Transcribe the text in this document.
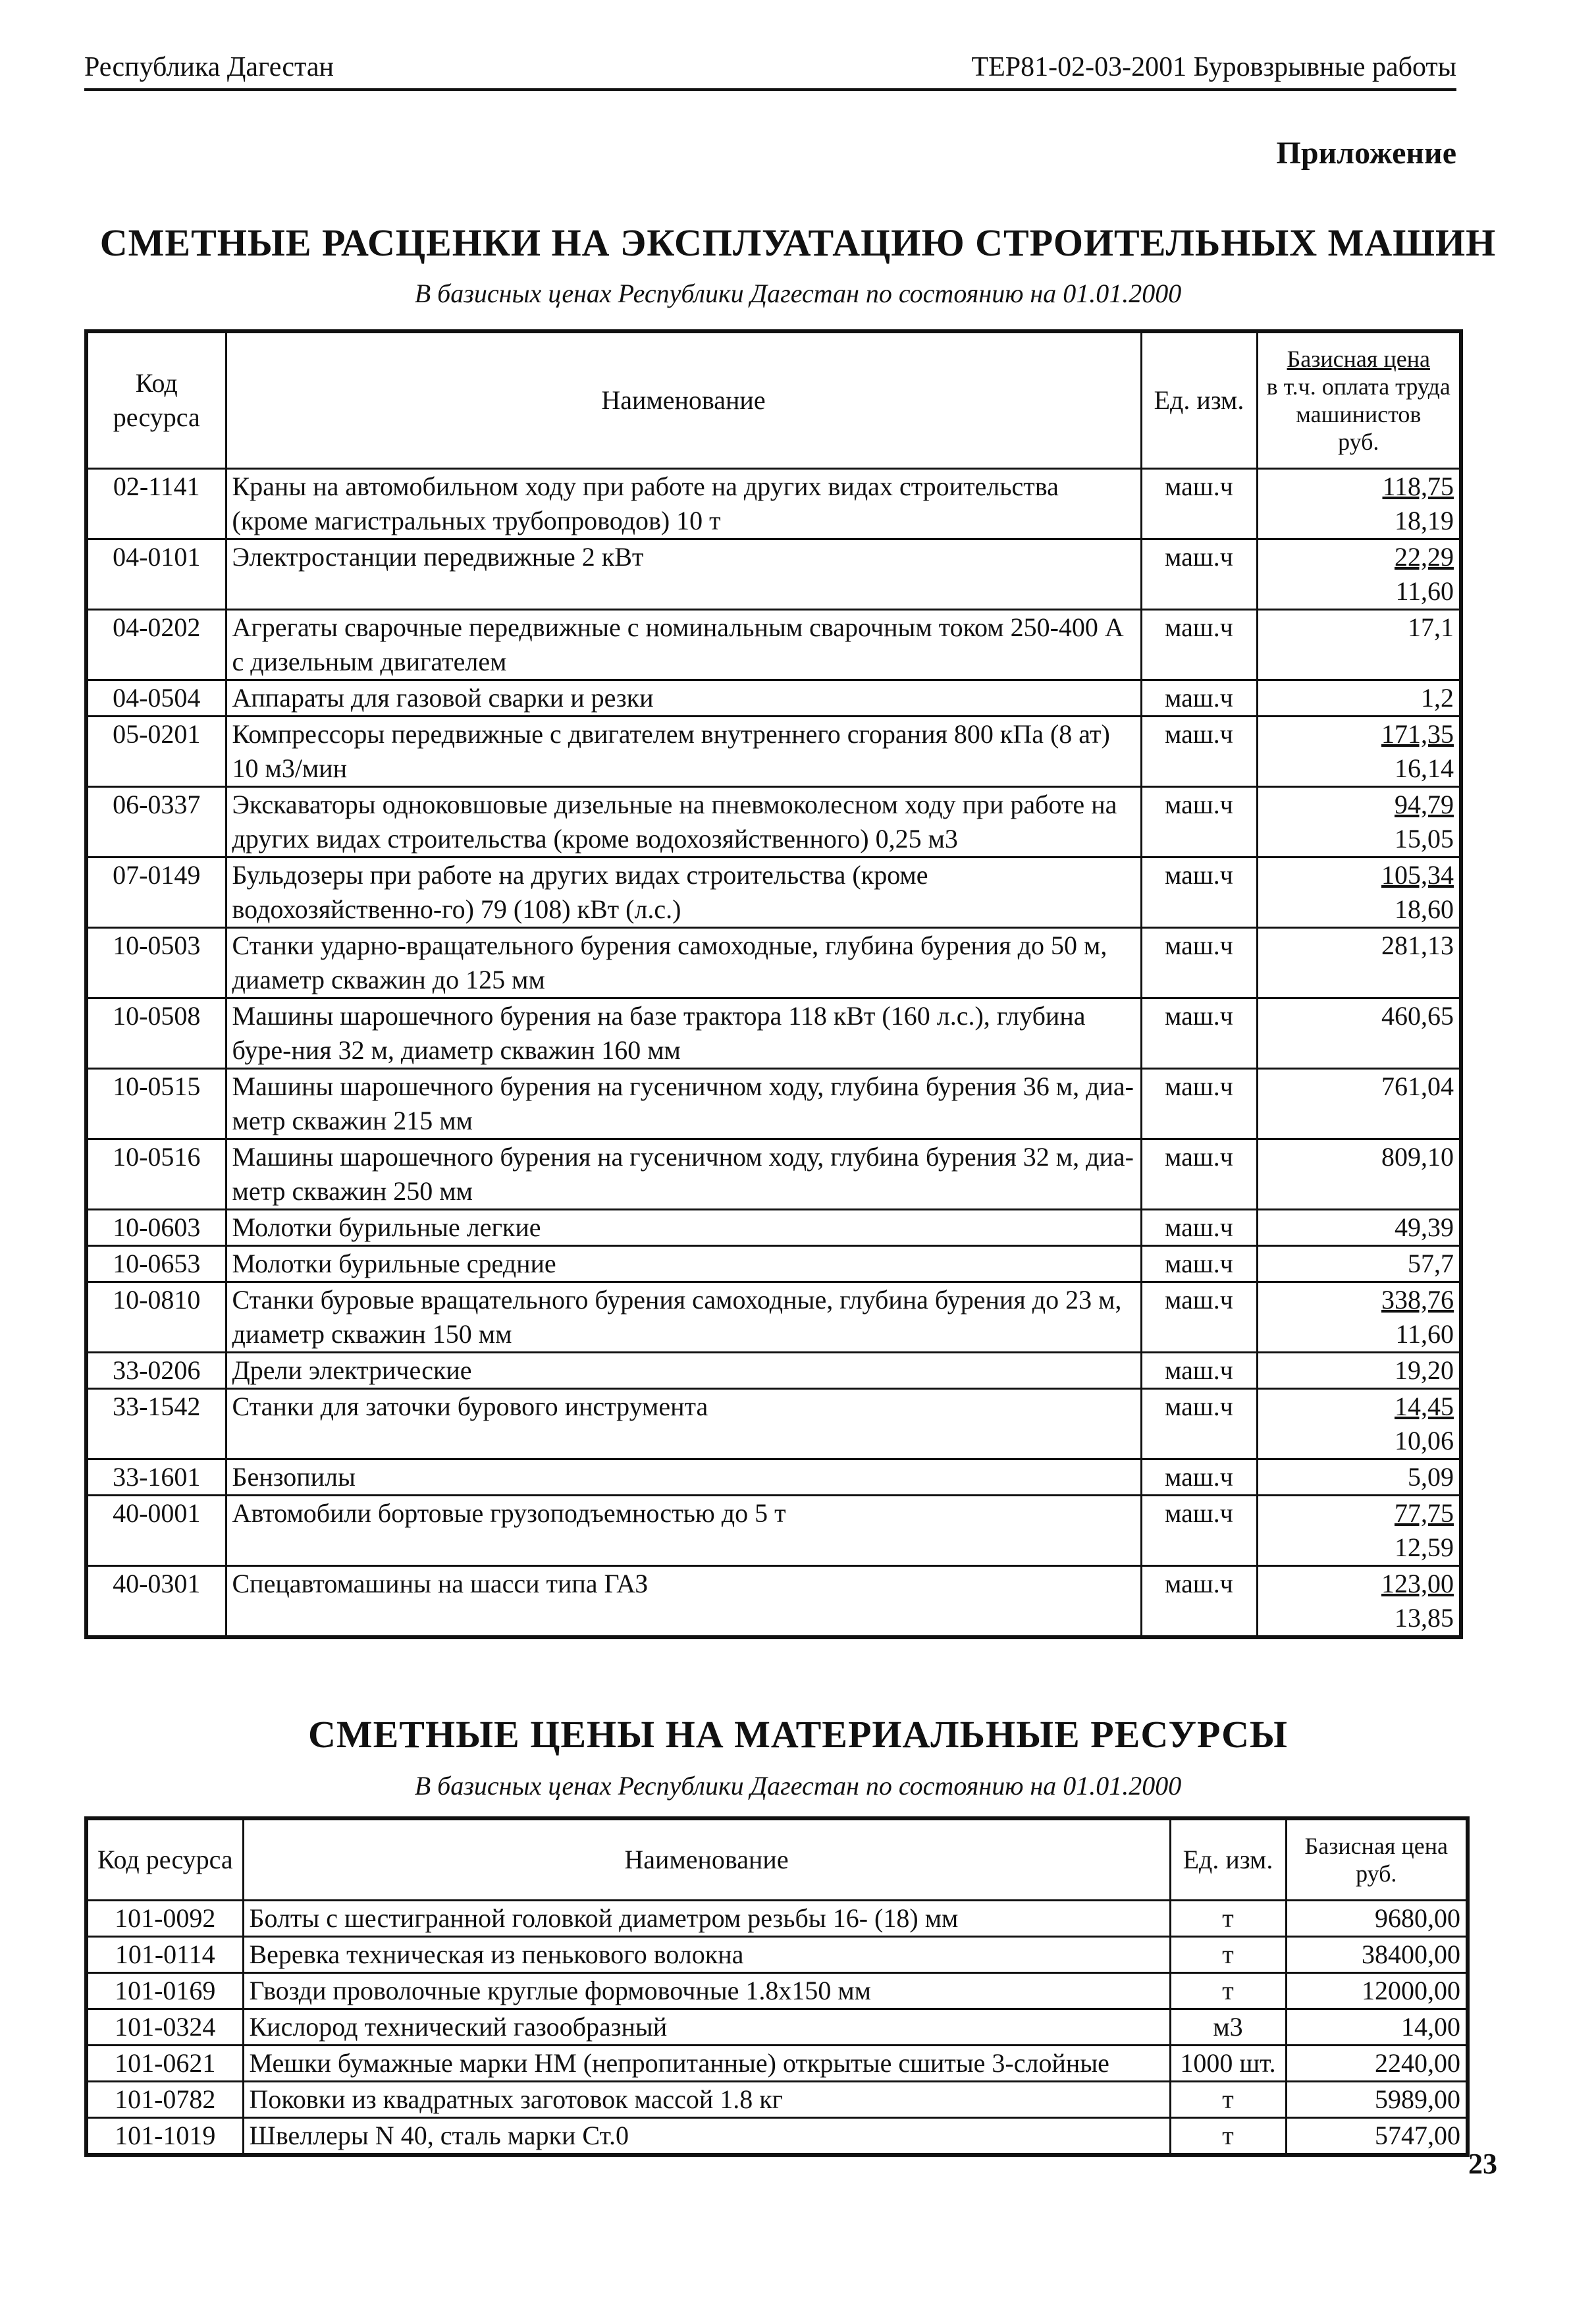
Республика Дагестан	ТЕР81-02-03-2001 Буровзрывные работы
Приложение
СМЕТНЫЕ РАСЦЕНКИ НА ЭКСПЛУАТАЦИЮ СТРОИТЕЛЬНЫХ МАШИН
В базисных ценах Республики Дагестан по состоянию на 01.01.2000
Код ресурса	Наименование	Ед. изм.	Базисная цена
в т.ч. оплата труда
машинистов
руб.

02-1141	Краны на автомобильном ходу при работе на других видах строительства (кроме магистральных трубопроводов) 10 т	маш.ч	118,75
18,19

04-0101	Электростанции передвижные 2 кВт	маш.ч	22,29
11,60

04-0202	Агрегаты сварочные передвижные с номинальным сварочным током 250-400 А с дизельным двигателем	маш.ч	17,1

04-0504	Аппараты для газовой сварки и резки	маш.ч	1,2

05-0201	Компрессоры передвижные с двигателем внутреннего сгорания 800 кПа (8 ат) 10 м3/мин	маш.ч	171,35
16,14

06-0337	Экскаваторы одноковшовые дизельные на пневмоколесном ходу при работе на других видах строительства (кроме водохозяйственного) 0,25 м3	маш.ч	94,79
15,05

07-0149	Бульдозеры при работе на других видах строительства (кроме водохозяйственно-го) 79 (108) кВт (л.с.)	маш.ч	105,34
18,60

10-0503	Станки ударно-вращательного бурения самоходные, глубина бурения до 50 м, диаметр скважин до 125 мм	маш.ч	281,13

10-0508	Машины шарошечного бурения на базе трактора 118 кВт (160 л.с.), глубина буре-ния 32 м, диаметр скважин 160 мм	маш.ч	460,65

10-0515	Машины шарошечного бурения на гусеничном ходу, глубина бурения 36 м, диа-метр скважин 215 мм	маш.ч	761,04

10-0516	Машины шарошечного бурения на гусеничном ходу, глубина бурения 32 м, диа-метр скважин 250 мм	маш.ч	809,10

10-0603	Молотки бурильные легкие	маш.ч	49,39

10-0653	Молотки бурильные средние	маш.ч	57,7

10-0810	Станки буровые вращательного бурения самоходные, глубина бурения до 23 м, диаметр скважин 150 мм	маш.ч	338,76
11,60

33-0206	Дрели электрические	маш.ч	19,20

33-1542	Станки для заточки бурового инструмента	маш.ч	14,45
10,06

33-1601	Бензопилы	маш.ч	5,09

40-0001	Автомобили бортовые грузоподъемностью до 5 т	маш.ч	77,75
12,59

40-0301	Спецавтомашины на шасси типа ГАЗ	маш.ч	123,00
13,85
СМЕТНЫЕ ЦЕНЫ НА МАТЕРИАЛЬНЫЕ РЕСУРСЫ
В базисных ценах Республики Дагестан по состоянию на 01.01.2000
Код ресурса	Наименование	Ед. изм.	Базисная цена
руб.

101-0092	Болты с шестигранной головкой диаметром резьбы 16- (18) мм	т	9680,00
101-0114	Веревка техническая из пенькового волокна	т	38400,00
101-0169	Гвозди проволочные круглые формовочные 1.8x150 мм	т	12000,00
101-0324	Кислород технический газообразный	м3	14,00
101-0621	Мешки бумажные марки НМ (непропитанные) открытые сшитые 3-слойные	1000 шт.	2240,00
101-0782	Поковки из квадратных заготовок массой 1.8 кг	т	5989,00
101-1019	Швеллеры N 40, сталь марки Ст.0	т	5747,00
23
